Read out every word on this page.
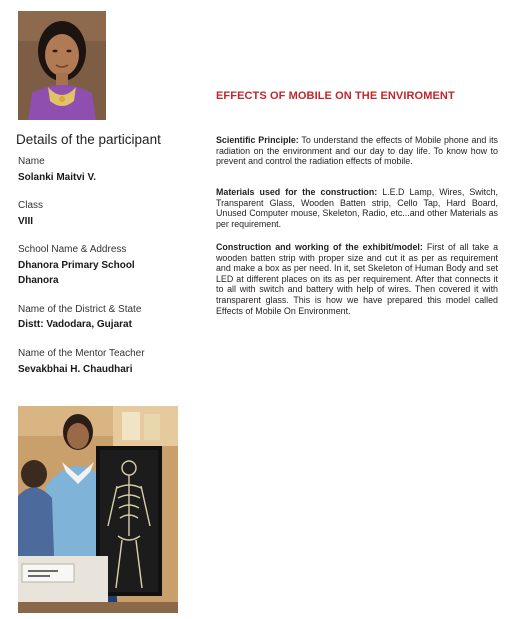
Details of the participant
Name
Solanki Maitvi V.
Class
VIII
School Name & Address
Dhanora Primary School
Dhanora
Name of the District & State
Distt: Vadodara, Gujarat
Name of the Mentor Teacher
Sevakbhai H. Chaudhari
EFFECTS OF MOBILE ON THE ENVIROMENT
Scientific Principle: To understand the effects of Mobile phone and its radiation on the environment and our day to day life. To know how to prevent and control the radiation effects of mobile.
Materials used for the construction: L.E.D Lamp, Wires, Switch, Transparent Glass, Wooden Batten strip, Cello Tap, Hard Board, Unused Computer mouse, Skeleton, Radio, etc...and other Materials as per requirement.
Construction and working of the exhibit/model: First of all take a wooden batten strip with proper size and cut it as per as requirement and make a box as per need. In it, set Skeleton of Human Body and set LED at different places on its as per requirement. After that connects it to all with switch and battery with help of wires. Then covered it with transparent glass. This is how we have prepared this model called Effects of Mobile On Environment.
